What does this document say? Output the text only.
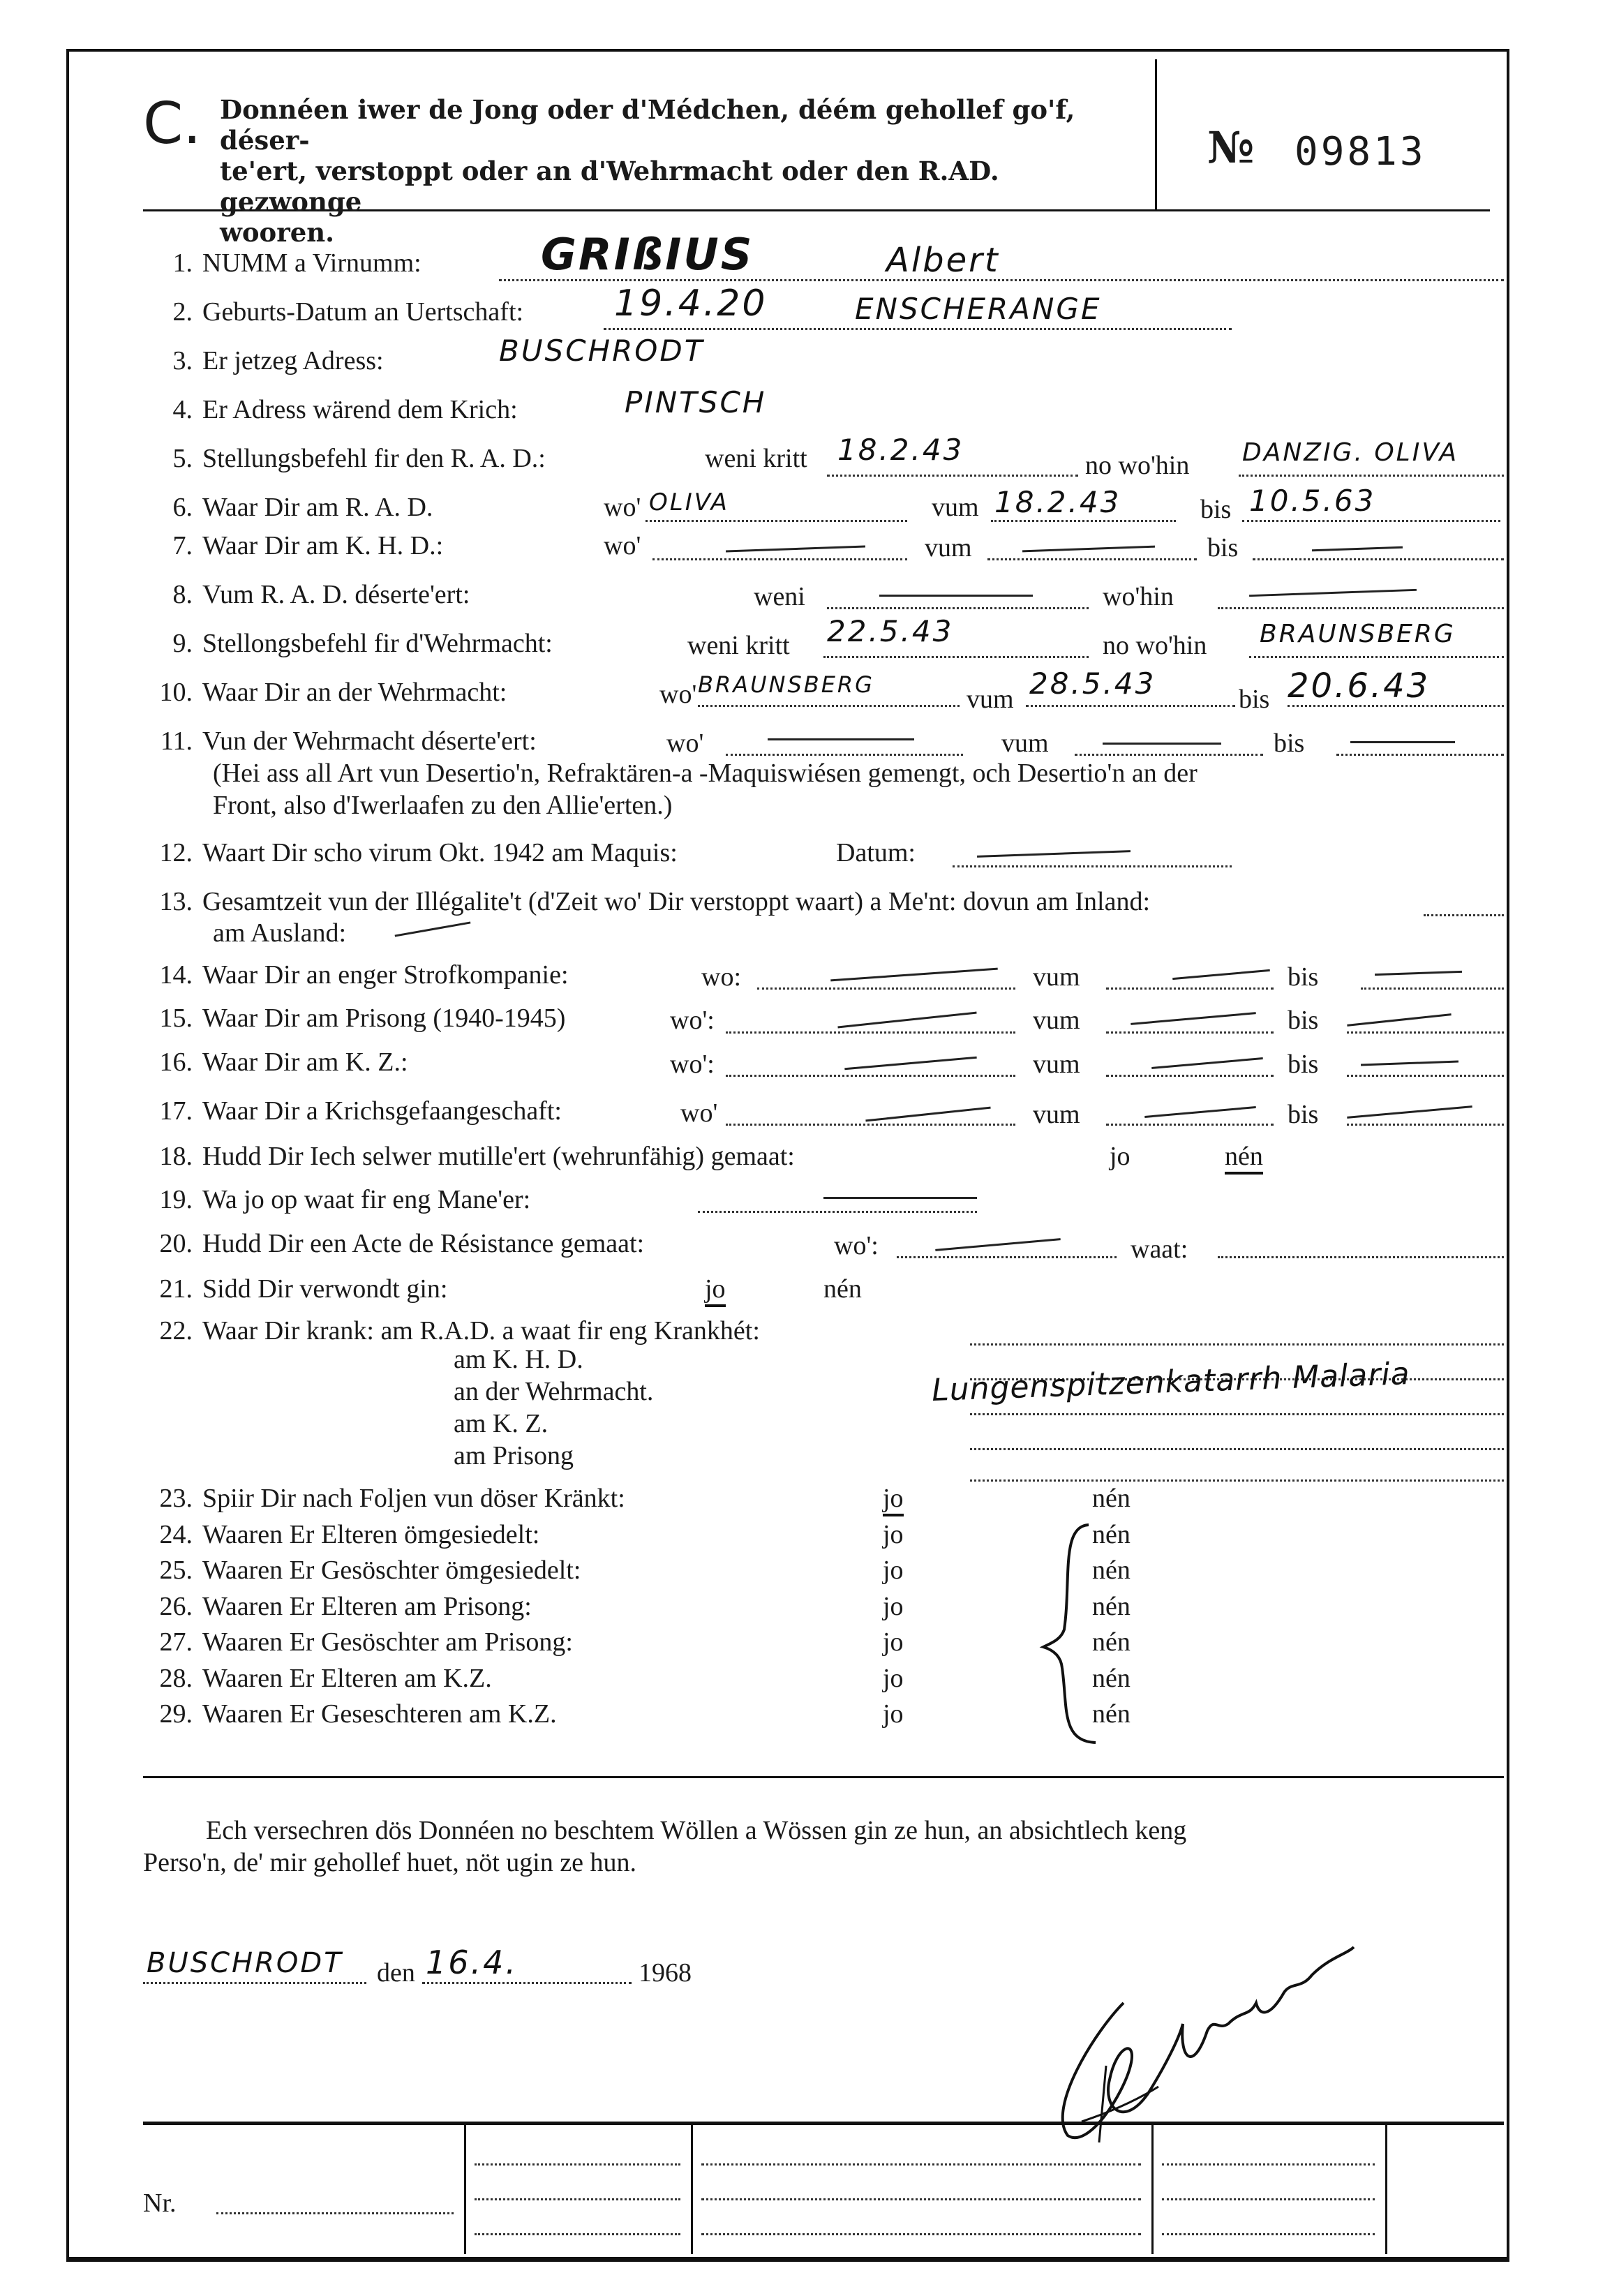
C. Donnéen iwer de Jong oder d'Médchen, déém gehollef go'f, déser-
te'ert, verstoppt oder an d'Wehrmacht oder den R.AD. gezwonge
wooren.
№ 09813
1. NUMM a Virnumm:	GRIßIUS	Albert
2. Geburts-Datum an Uertschaft: 19.4.20	ENSCHERANGE
3. Er jetzeg Adress:	BUSCHRODT
4. Er Adress wärend dem Krich:	PINTSCH
5. Stellungsbefehl fir den R. A. D.:	weni kritt 18.2.43	no wo'hin DANZIG. OLIVA
6. Waar Dir am R. A. D.	wo' OLIVA	vum 18.2.43	bis 10.5.63
7. Waar Dir am K. H. D.:	wo'	vum	bis
8. Vum R. A. D. déserte'ert:	weni	wo'hin
9. Stellongsbefehl fir d'Wehrmacht:	weni kritt 22.5.43	no wo'hin BRAUNSBERG
10. Waar Dir an der Wehrmacht:	wo' BRAUNSBERG	vum 28.5.43	bis 20.6.43
11. Vun der Wehrmacht déserte'ert:	wo'	vum	bis
(Hei ass all Art vun Desertio'n, Refraktären-a -Maquiswiésen gemengt, och Desertio'n an der
Front, also d'Iwerlaafen zu den Allie'erten.)
12. Waart Dir scho virum Okt. 1942 am Maquis:	Datum:
13. Gesamtzeit vun der Illégalite't (d'Zeit wo' Dir verstoppt waart) a Me'nt: dovun am Inland:
am Ausland:
14. Waar Dir an enger Strofkompanie:	wo:	vum	bis
15. Waar Dir am Prisong (1940-1945)	wo':	vum	bis
16. Waar Dir am K. Z.:	wo':	vum	bis
17. Waar Dir a Krichsgefaangeschaft:	wo'	vum	bis
18. Hudd Dir Iech selwer mutille'ert (wehrunfähig) gemaat:	jo	nén
19. Wa jo op waat fir eng Mane'er:
20. Hudd Dir een Acte de Résistance gemaat:	wo':	waat:
21. Sidd Dir verwondt gin:	jo	nén
22. Waar Dir krank: am R.A.D. a waat fir eng Krankhét:
am K. H. D.
an der Wehrmacht.
am K. Z.
am Prisong
Lungenspitzenkatarrh Malaria
23. Spiir Dir nach Foljen vun döser Kränkt:	jo	nén
24. Waaren Er Elteren ömgesiedelt:	jo	nén
25. Waaren Er Gesöschter ömgesiedelt:	jo	nén
26. Waaren Er Elteren am Prisong:	jo	nén
27. Waaren Er Gesöschter am Prisong:	jo	nén
28. Waaren Er Elteren am K.Z.	jo	nén
29. Waaren Er Geseschteren am K.Z.	jo	nén
Ech versechren dös Donnéen no beschtem Wöllen a Wössen gin ze hun, an absichtlech keng
Perso'n, de' mir gehollef huet, nöt ugin ze hun.
BUSCHRODT den 16.4.	1968
Nr.
